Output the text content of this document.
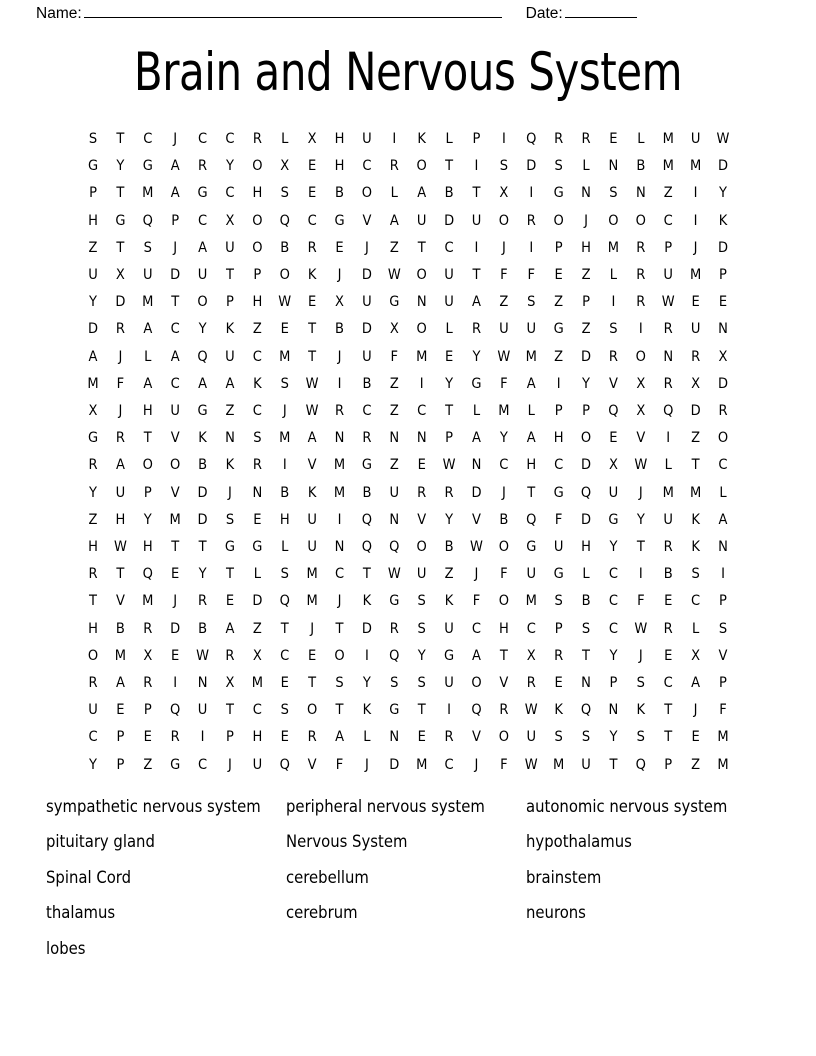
Name:	Date:
Brain and Nervous System
S	T	C	J	C	C	R	L	X	H	U	I	K	L	P	I	Q	R	R	E	L	M	U	W
G	Y	G	A	R	Y	O	X	E	H	C	R	O	T	I	S	D	S	L	N	B	M	M	D
P	T	M	A	G	C	H	S	E	B	O	L	A	B	T	X	I	G	N	S	N	Z	I	Y
H	G	Q	P	C	X	O	Q	C	G	V	A	U	D	U	O	R	O	J	O	O	C	I	K
Z	T	S	J	A	U	O	B	R	E	J	Z	T	C	I	J	I	P	H	M	R	P	J	D
U	X	U	D	U	T	P	O	K	J	D	W	O	U	T	F	F	E	Z	L	R	U	M	P
Y	D	M	T	O	P	H	W	E	X	U	G	N	U	A	Z	S	Z	P	I	R	W	E	E
D	R	A	C	Y	K	Z	E	T	B	D	X	O	L	R	U	U	G	Z	S	I	R	U	N
A	J	L	A	Q	U	C	M	T	J	U	F	M	E	Y	W	M	Z	D	R	O	N	R	X
M	F	A	C	A	A	K	S	W	I	B	Z	I	Y	G	F	A	I	Y	V	X	R	X	D
X	J	H	U	G	Z	C	J	W	R	C	Z	C	T	L	M	L	P	P	Q	X	Q	D	R
G	R	T	V	K	N	S	M	A	N	R	N	N	P	A	Y	A	H	O	E	V	I	Z	O
R	A	O	O	B	K	R	I	V	M	G	Z	E	W	N	C	H	C	D	X	W	L	T	C
Y	U	P	V	D	J	N	B	K	M	B	U	R	R	D	J	T	G	Q	U	J	M	M	L
Z	H	Y	M	D	S	E	H	U	I	Q	N	V	Y	V	B	Q	F	D	G	Y	U	K	A
H	W	H	T	T	G	G	L	U	N	Q	Q	O	B	W	O	G	U	H	Y	T	R	K	N
R	T	Q	E	Y	T	L	S	M	C	T	W	U	Z	J	F	U	G	L	C	I	B	S	I
T	V	M	J	R	E	D	Q	M	J	K	G	S	K	F	O	M	S	B	C	F	E	C	P
H	B	R	D	B	A	Z	T	J	T	D	R	S	U	C	H	C	P	S	C	W	R	L	S
O	M	X	E	W	R	X	C	E	O	I	Q	Y	G	A	T	X	R	T	Y	J	E	X	V
R	A	R	I	N	X	M	E	T	S	Y	S	S	U	O	V	R	E	N	P	S	C	A	P
U	E	P	Q	U	T	C	S	O	T	K	G	T	I	Q	R	W	K	Q	N	K	T	J	F
C	P	E	R	I	P	H	E	R	A	L	N	E	R	V	O	U	S	S	Y	S	T	E	M
Y	P	Z	G	C	J	U	Q	V	F	J	D	M	C	J	F	W	M	U	T	Q	P	Z	M
sympathetic nervous system	peripheral nervous system	autonomic nervous system
pituitary gland	Nervous System	hypothalamus
Spinal Cord	cerebellum	brainstem
thalamus	cerebrum	neurons
lobes
